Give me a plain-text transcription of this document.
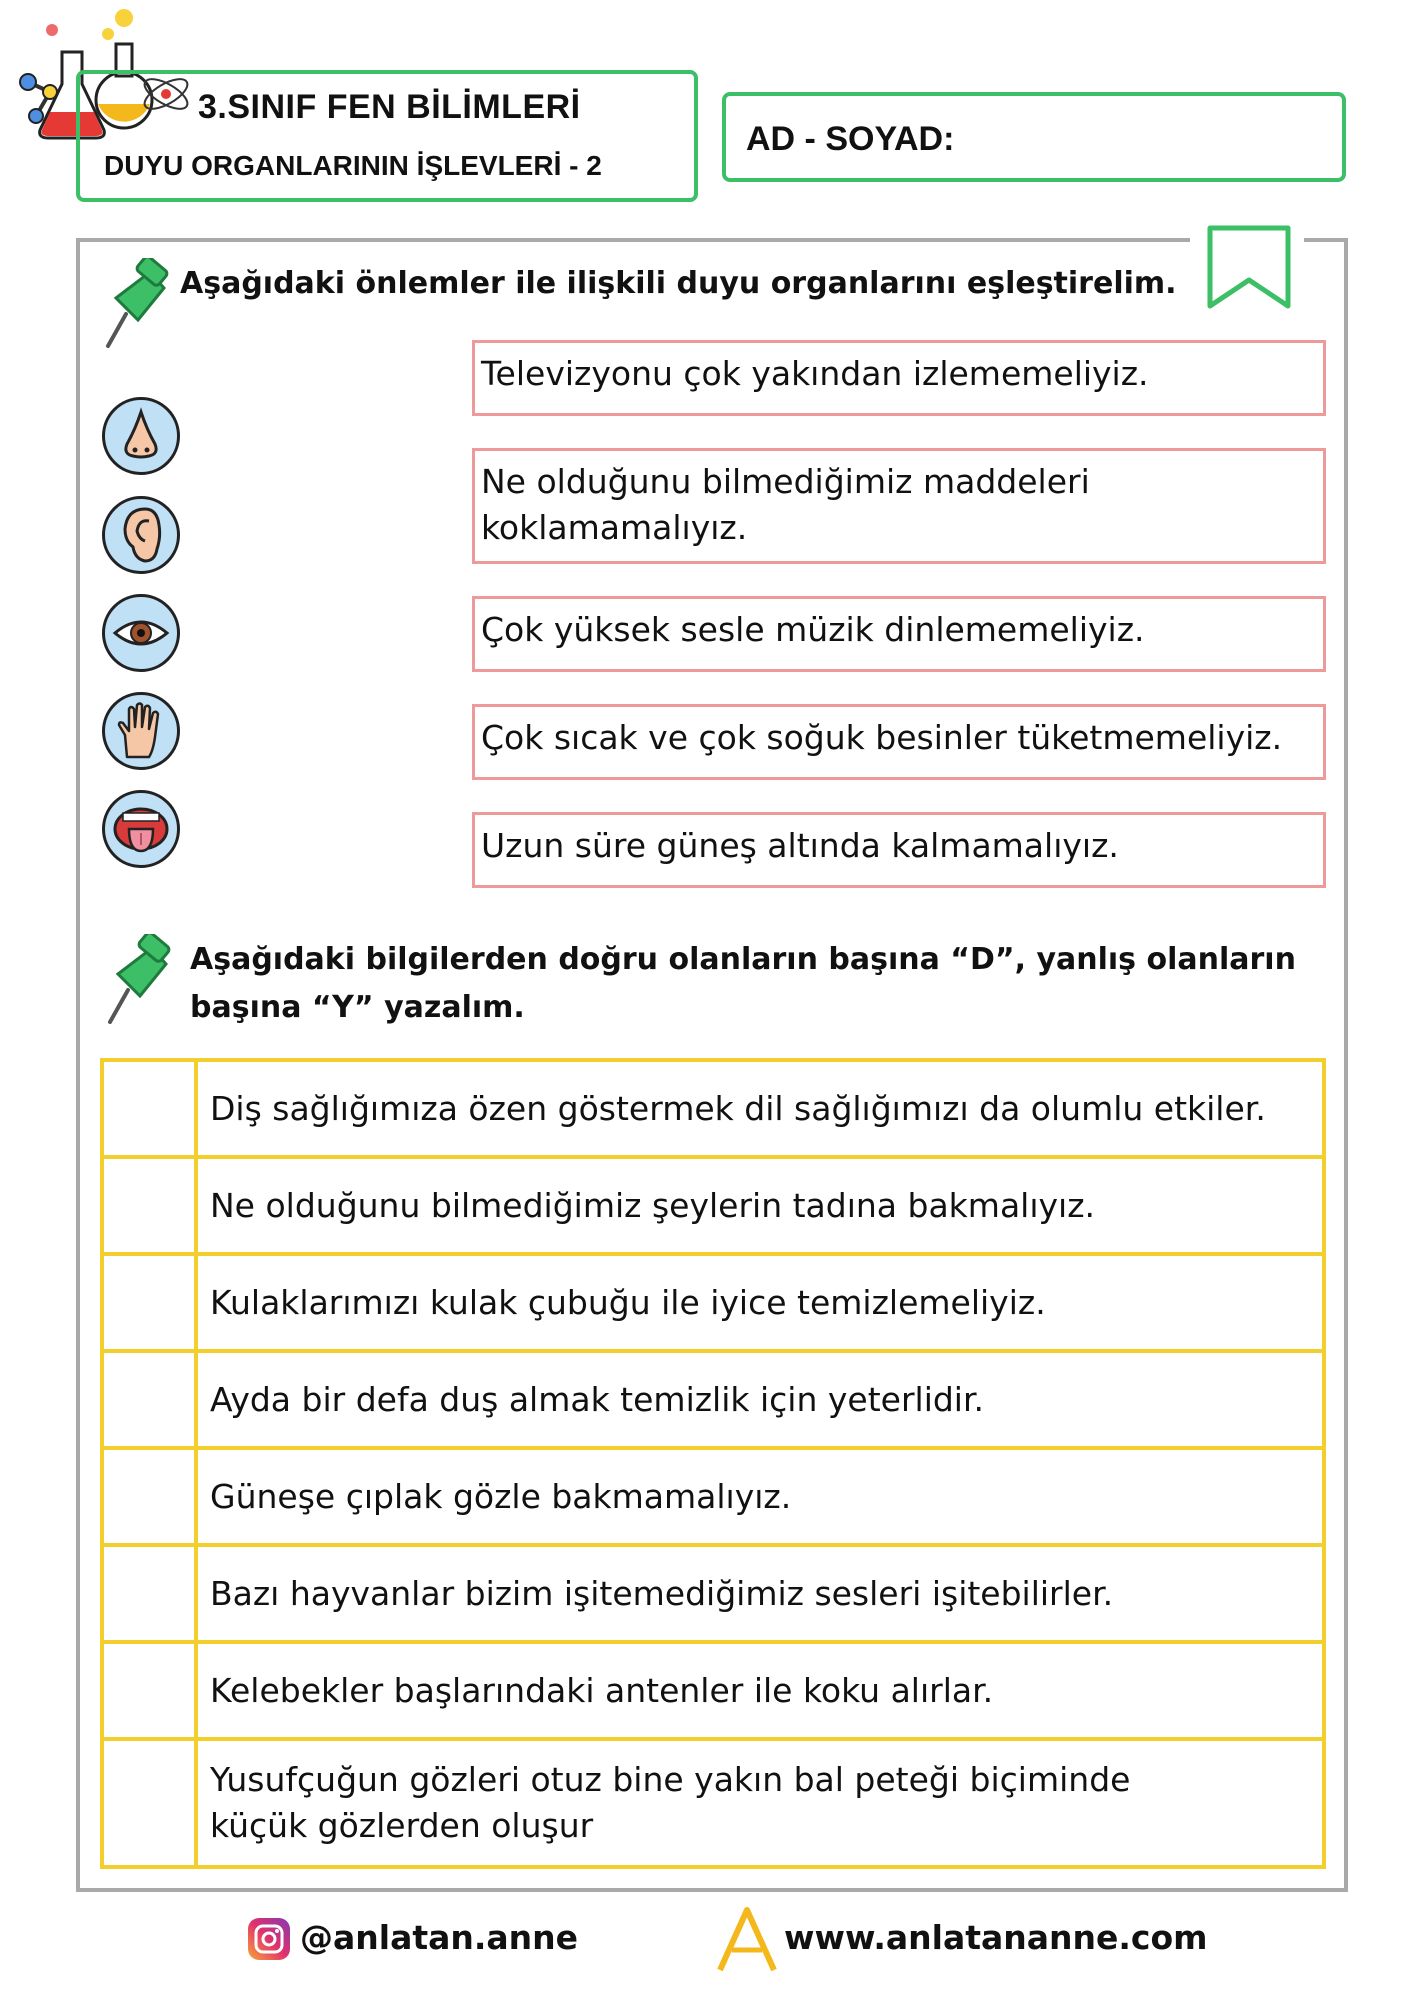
3.SINIF FEN BİLİMLERİ
DUYU ORGANLARININ İŞLEVLERİ - 2
AD - SOYAD:
Aşağıdaki önlemler ile ilişkili duyu organlarını eşleştirelim.
Televizyonu çok yakından izlememeliyiz.
Ne olduğunu bilmediğimiz maddeleri koklamamalıyız.
Çok yüksek sesle müzik dinlememeliyiz.
Çok sıcak ve çok soğuk besinler tüketmemeliyiz.
Uzun süre güneş altında kalmamalıyız.
Aşağıdaki bilgilerden doğru olanların başına “D”, yanlış olanların
başına “Y” yazalım.
	Diş sağlığımıza özen göstermek dil sağlığımızı da olumlu etkiler.
	Ne olduğunu bilmediğimiz şeylerin tadına bakmalıyız.
	Kulaklarımızı kulak çubuğu ile iyice temizlemeliyiz.
	Ayda bir defa duş almak temizlik için yeterlidir.
	Güneşe çıplak gözle bakmamalıyız.
	Bazı hayvanlar bizim işitemediğimiz sesleri işitebilirler.
	Kelebekler başlarındaki antenler ile koku alırlar.
	Yusufçuğun gözleri otuz bine yakın bal peteği biçiminde küçük gözlerden oluşur
@anlatan.anne	www.anlatananne.com
